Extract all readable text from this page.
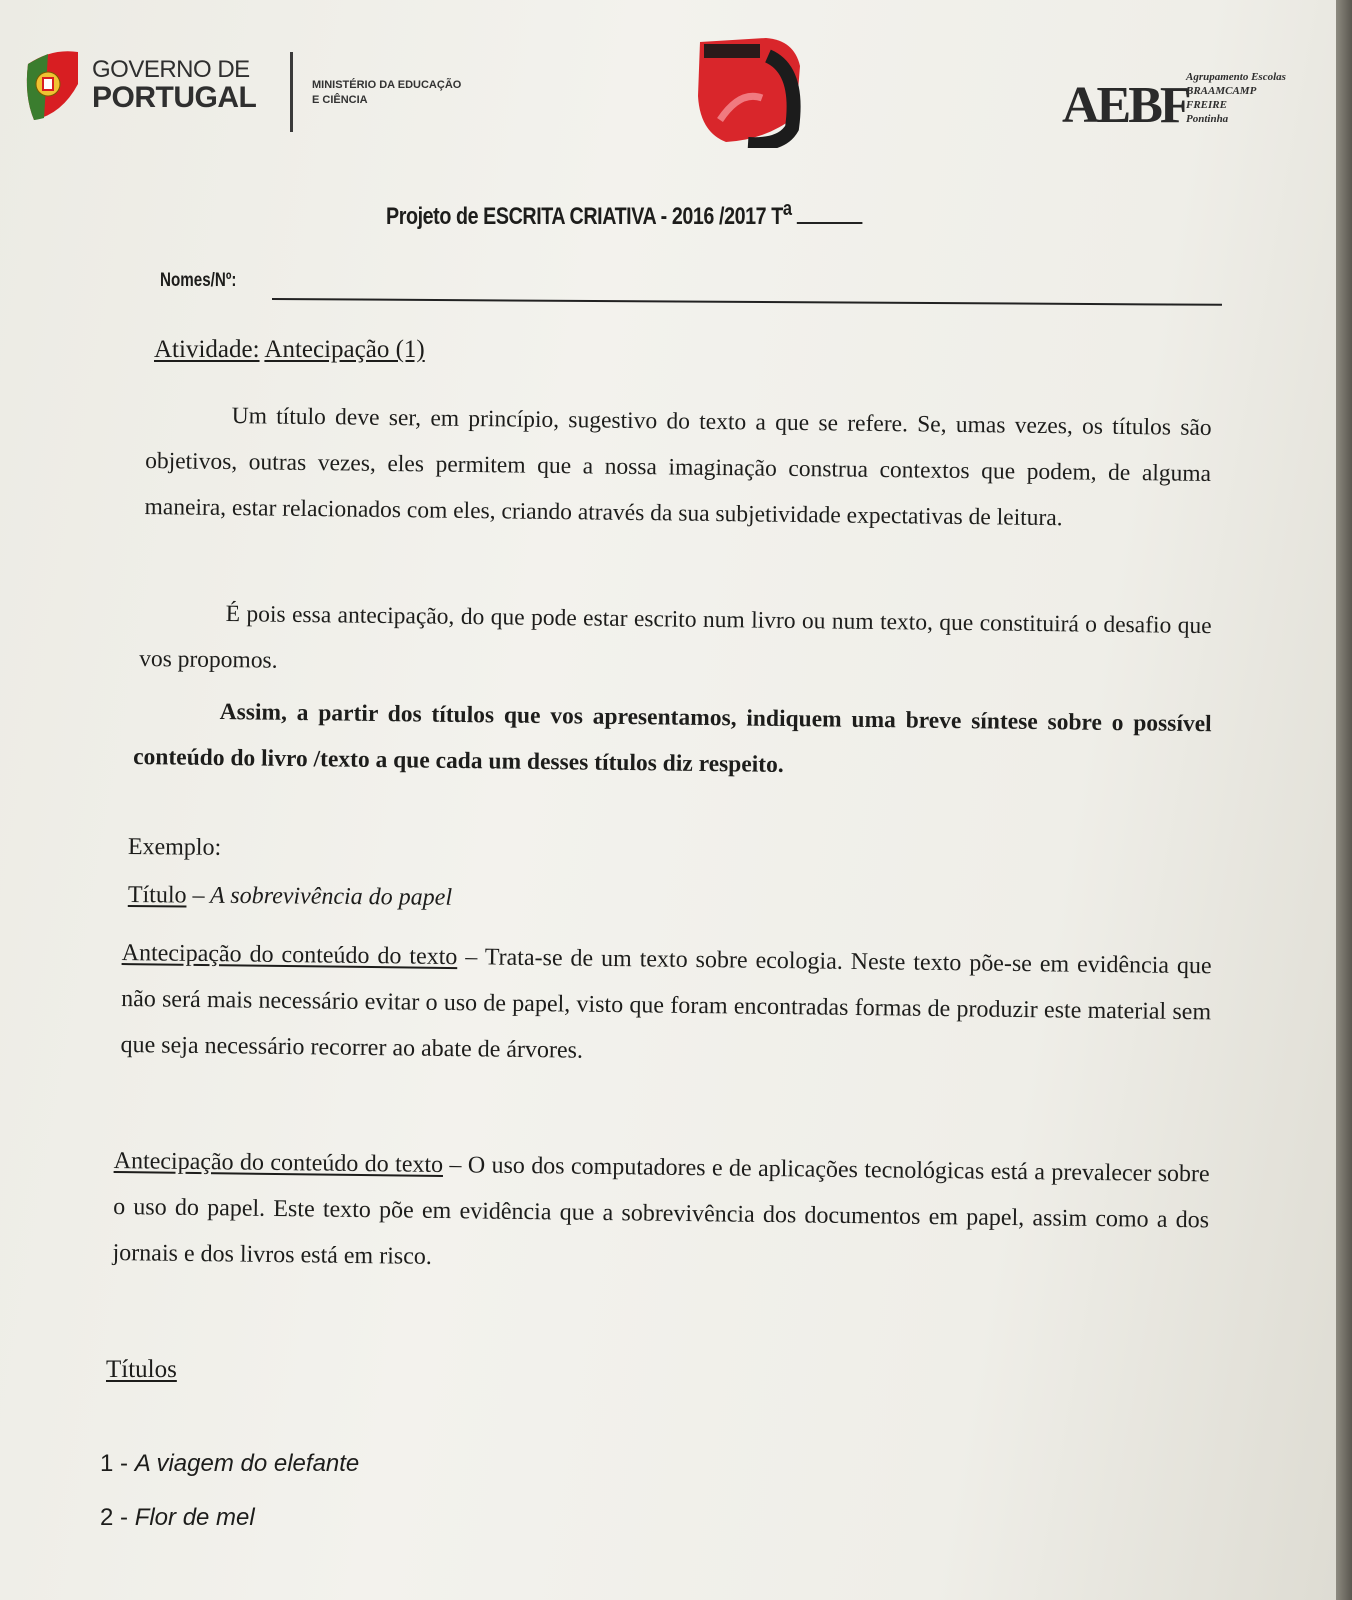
GOVERNO DE
PORTUGAL	MINISTÉRIO DA EDUCAÇÃO
E CIÊNCIA	AEBF
Agrupamento Escolas
BRAAMCAMP
FREIRE
Pontinha
Projeto de ESCRITA CRIATIVA - 2016 /2017 $T^a$
Nomes/Nº:
Atividade: Antecipação (1)
Um título deve ser, em princípio, sugestivo do texto a que se refere. Se, umas vezes, os títulos são objetivos, outras vezes, eles permitem que a nossa imaginação construa contextos que podem, de alguma maneira, estar relacionados com eles, criando através da sua subjetividade expectativas de leitura.
É pois essa antecipação, do que pode estar escrito num livro ou num texto, que constituirá o desafio que vos propomos.
Assim, a partir dos títulos que vos apresentamos, indiquem uma breve síntese sobre o possível conteúdo do livro /texto a que cada um desses títulos diz respeito.
Exemplo:
Título – A sobrevivência do papel
Antecipação do conteúdo do texto – Trata-se de um texto sobre ecologia. Neste texto põe-se em evidência que não será mais necessário evitar o uso de papel, visto que foram encontradas formas de produzir este material sem que seja necessário recorrer ao abate de árvores.
Antecipação do conteúdo do texto – O uso dos computadores e de aplicações tecnológicas está a prevalecer sobre o uso do papel. Este texto põe em evidência que a sobrevivência dos documentos em papel, assim como a dos jornais e dos livros está em risco.
Títulos
1 - A viagem do elefante
2 - Flor de mel
